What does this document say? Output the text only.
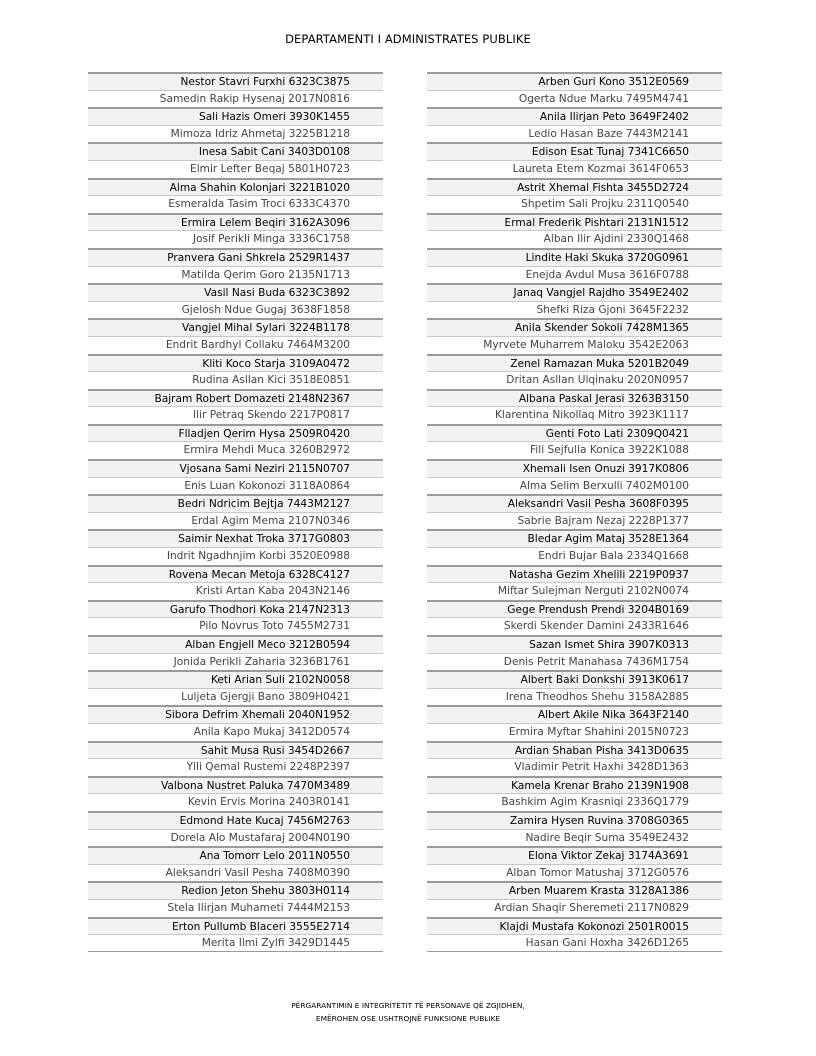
DEPARTAMENTI I ADMINISTRATES PUBLIKE
Nestor Stavri Furxhi 6323C3875
Samedin Rakip Hysenaj 2017N0816
Sali Hazis Omeri 3930K1455
Mimoza Idriz Ahmetaj 3225B1218
Inesa Sabit Cani 3403D0108
Elmir Lefter Beqaj 5801H0723
Alma Shahin Kolonjari 3221B1020
Esmeralda Tasim Troci 6333C4370
Ermira Lelem Beqiri 3162A3096
Josif Perikli Minga 3336C1758
Pranvera Gani Shkrela 2529R1437
Matilda Qerim Goro 2135N1713
Vasil Nasi Buda 6323C3892
Gjelosh Ndue Gugaj 3638F1858
Vangjel Mihal Sylari 3224B1178
Endrit Bardhyl Collaku 7464M3200
Kliti Koco Starja 3109A0472
Rudina Asllan Kici 3518E0851
Bajram Robert Domazeti 2148N2367
Ilir Petraq Skendo 2217P0817
Flladjen Qerim Hysa 2509R0420
Ermira Mehdi Muca 3260B2972
Vjosana Sami Neziri 2115N0707
Enis Luan Kokonozi 3118A0864
Bedri Ndricim Bejtja 7443M2127
Erdal Agim Mema 2107N0346
Saimir Nexhat Troka 3717G0803
Indrit Ngadhnjim Korbi 3520E0988
Rovena Mecan Metoja 6328C4127
Kristi Artan Kaba 2043N2146
Garufo Thodhori Koka 2147N2313
Pilo Novrus Toto 7455M2731
Alban Engjell Meco 3212B0594
Jonida Perikli Zaharia 3236B1761
Keti Arian Suli 2102N0058
Luljeta Gjergji Bano 3809H0421
Sibora Defrim Xhemali 2040N1952
Anila Kapo Mukaj 3412D0574
Sahit Musa Rusi 3454D2667
Ylli Qemal Rustemi 2248P2397
Valbona Nustret Paluka 7470M3489
Kevin Ervis Morina 2403R0141
Edmond Hate Kucaj 7456M2763
Dorela Alo Mustafaraj 2004N0190
Ana Tomorr Lelo 2011N0550
Aleksandri Vasil Pesha 7408M0390
Redion Jeton Shehu 3803H0114
Stela Ilirjan Muhameti 7444M2153
Erton Pullumb Blaceri 3555E2714
Merita Ilmi Zylfi 3429D1445
Arben Guri Kono 3512E0569
Ogerta Ndue Marku 7495M4741
Anila Ilirjan Peto 3649F2402
Ledio Hasan Baze 7443M2141
Edison Esat Tunaj 7341C6650
Laureta Etem Kozmai 3614F0653
Astrit Xhemal Fishta 3455D2724
Shpetim Sali Projku 2311Q0540
Ermal Frederik Pishtari 2131N1512
Alban Ilir Ajdini 2330Q1468
Lindite Haki Skuka 3720G0961
Enejda Avdul Musa 3616F0788
Janaq Vangjel Rajdho 3549E2402
Shefki Riza Gjoni 3645F2232
Anila Skender Sokoli 7428M1365
Myrvete Muharrem Maloku 3542E2063
Zenel Ramazan Muka 5201B2049
Dritan Asllan Ulqinaku 2020N0957
Albana Paskal Jerasi 3263B3150
Klarentina Nikollaq Mitro 3923K1117
Genti Foto Lati 2309Q0421
Fili Sejfulla Konica 3922K1088
Xhemali Isen Onuzi 3917K0806
Alma Selim Berxulli 7402M0100
Aleksandri Vasil Pesha 3608F0395
Sabrie Bajram Nezaj 2228P1377
Bledar Agim Mataj 3528E1364
Endri Bujar Bala 2334Q1668
Natasha Gezim Xhelili 2219P0937
Miftar Sulejman Nerguti 2102N0074
Gege Prendush Prendi 3204B0169
Skerdi Skender Damini 2433R1646
Sazan Ismet Shira 3907K0313
Denis Petrit Manahasa 7436M1754
Albert Baki Donkshi 3913K0617
Irena Theodhos Shehu 3158A2885
Albert Akile Nika 3643F2140
Ermira Myftar Shahini 2015N0723
Ardian Shaban Pisha 3413D0635
Vladimir Petrit Haxhi 3428D1363
Kamela Krenar Braho 2139N1908
Bashkim Agim Krasniqi 2336Q1779
Zamira Hysen Ruvina 3708G0365
Nadire Beqir Suma 3549E2432
Elona Viktor Zekaj 3174A3691
Alban Tomor Matushaj 3712G0576
Arben Muarem Krasta 3128A1386
Ardian Shaqir Sheremeti 2117N0829
Klajdi Mustafa Kokonozi 2501R0015
Hasan Gani Hoxha 3426D1265
PËRGARANTIMIN E INTEGRITETIT TË PERSONAVE QË ZGJIDHEN,
EMËROHEN OSE USHTROJNË FUNKSIONE PUBLIKE
